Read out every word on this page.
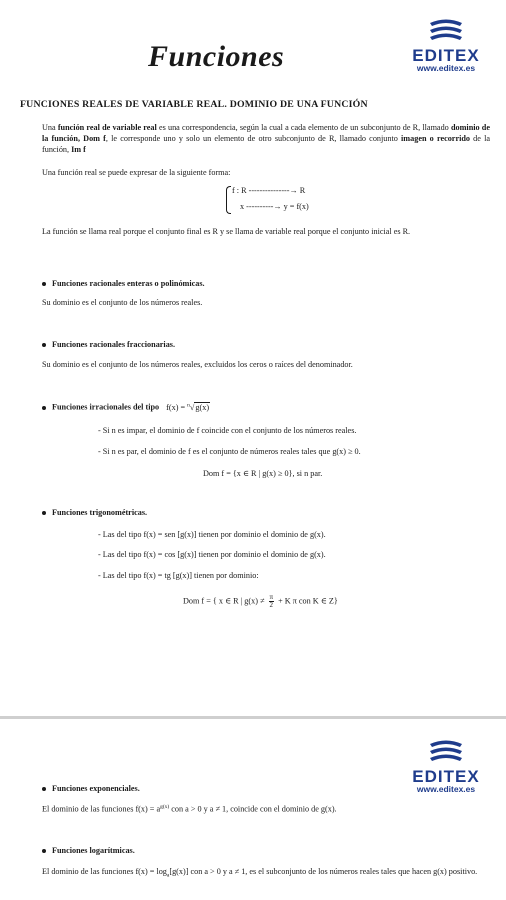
Funciones	EDITEX
www.editex.es
FUNCIONES REALES DE VARIABLE REAL. DOMINIO DE UNA FUNCIÓN
Una función real de variable real es una correspondencia, según la cual a cada elemento de un subconjunto de R, llamado dominio de la función, Dom f, le corresponde uno y solo un elemento de otro subconjunto de R, llamado conjunto imagen o recorrido de la función, Im f
Una función real se puede expresar de la siguiente forma:
f : R ---------------→ R
x ----------→ y = f(x)
La función se llama real porque el conjunto final es R y se llama de variable real porque el conjunto inicial es R.
Funciones racionales enteras o polinómicas.
Su dominio es el conjunto de los números reales.
Funciones racionales fraccionarias.
Su dominio es el conjunto de los números reales, excluidos los ceros o raíces del denominador.
Funciones irracionales del tipo f(x) = $^n$√g(x)
- Si n es impar, el dominio de f coincide con el conjunto de los números reales.
- Si n es par, el dominio de f es el conjunto de números reales tales que g(x) ≥ 0.
Dom f = {x ∈ R | g(x) ≥ 0}, si n par.
Funciones trigonométricas.
- Las del tipo f(x) = sen [g(x)] tienen por dominio el dominio de g(x).
- Las del tipo f(x) = cos [g(x)] tienen por dominio el dominio de g(x).
- Las del tipo f(x) = tg [g(x)] tienen por dominio:
Dom f = { x ∈ R | $g(x) \ne \frac{\pi}{2} + K$ π con K ∈ Z}
EDITEX
www.editex.es
Funciones exponenciales.
El dominio de las funciones $f(x) = a^{g(x)}$ con a > 0 y a ≠ 1, coincide con el dominio de g(x).
Funciones logarítmicas.
El dominio de las funciones $f(x) = \log_a[g(x)]$ con a > 0 y a ≠ 1, es el subconjunto de los números reales tales que hacen g(x) positivo.
